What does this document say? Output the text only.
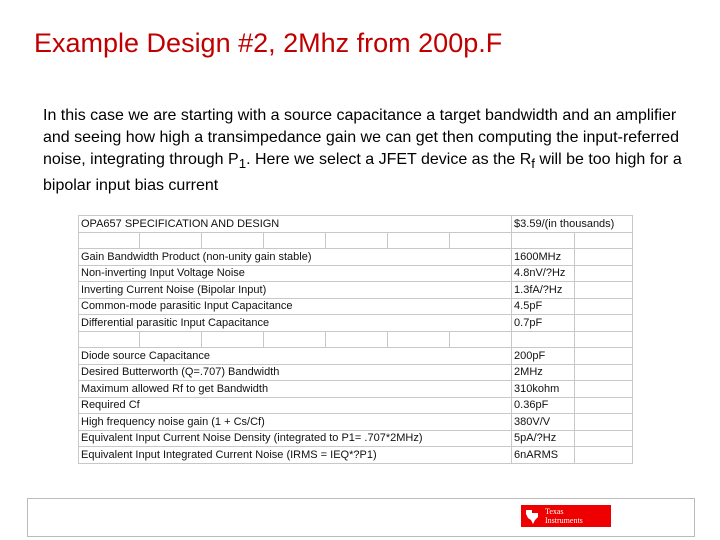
Example Design #2, 2Mhz from 200p.F
In this case we are starting with a source capacitance a target bandwidth and an amplifier and seeing how high a transimpedance gain we can get then computing the input-referred noise, integrating through $P_1$. Here we select a JFET device as the $R_f$ will be too high for a bipolar input bias current
OPA657 SPECIFICATION AND DESIGN							$3.59/(in thousands)	

Gain Bandwidth Product (non-unity gain stable)							1600MHz	
Non-inverting Input Voltage Noise							4.8nV/?Hz	
Inverting Current Noise (Bipolar Input)							1.3fA/?Hz	
Common-mode parasitic Input Capacitance							4.5pF	
Differential parasitic Input Capacitance							0.7pF	

Diode source Capacitance							200pF	
Desired Butterworth (Q=.707) Bandwidth							2MHz	
Maximum allowed Rf to get Bandwidth							310kohm	
Required Cf							0.36pF	
High frequency noise gain (1 + Cs/Cf)							380V/V	
Equivalent Input Current Noise Density (integrated to P1= .707*2MHz)							5pA/?Hz	
Equivalent Input Integrated Current Noise (IRMS = IEQ*?P1)							6nARMS	
Texas
Instruments
